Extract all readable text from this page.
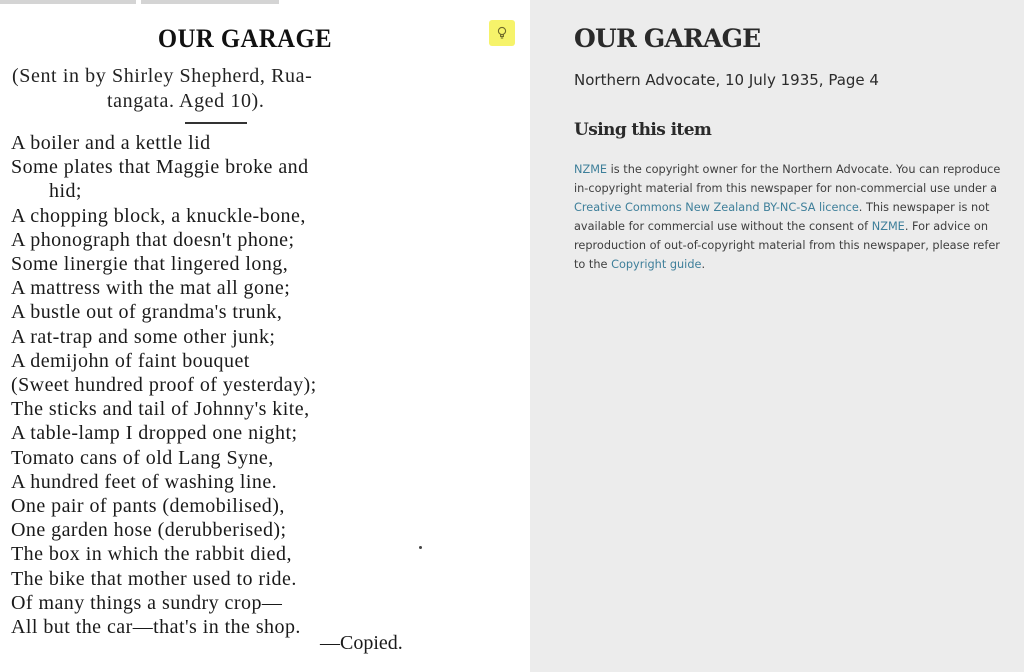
OUR GARAGE
(Sent in by Shirley Shepherd, Rua-
tangata. Aged 10).
A boiler and a kettle lid
Some plates that Maggie broke and
hid;
A chopping block, a knuckle-bone,
A phonograph that doesn't phone;
Some linergie that lingered long,
A mattress with the mat all gone;
A bustle out of grandma's trunk,
A rat-trap and some other junk;
A demijohn of faint bouquet
(Sweet hundred proof of yesterday);
The sticks and tail of Johnny's kite,
A table-lamp I dropped one night;
Tomato cans of old Lang Syne,
A hundred feet of washing line.
One pair of pants (demobilised),
One garden hose (derubberised);
The box in which the rabbit died,
The bike that mother used to ride.
Of many things a sundry crop—
All but the car—that's in the shop.
—Copied.
OUR GARAGE
Northern Advocate, 10 July 1935, Page 4
Using this item

NZME is the copyright owner for the Northern Advocate. You can reproduce in-copyright material from this newspaper for non-commercial use under a Creative Commons New Zealand BY-NC-SA licence. This newspaper is not available for commercial use without the consent of NZME. For advice on reproduction of out-of-copyright material from this newspaper, please refer to the Copyright guide.
